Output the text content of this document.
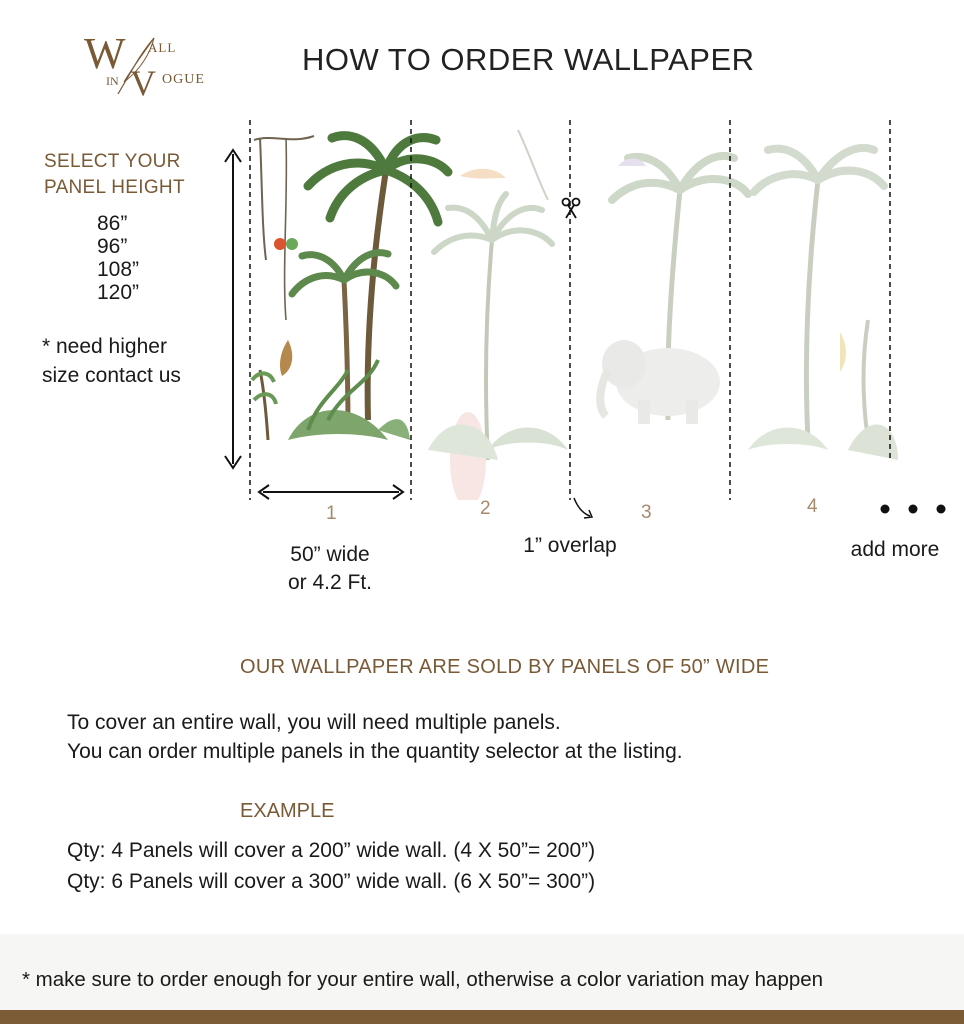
W ALL
IN V OGUE
HOW TO ORDER WALLPAPER
SELECT YOUR
PANEL HEIGHT
86”
96”
108”
120”
* need higher
size contact us
1	2	3	4
50” wide
or 4.2 Ft.
1” overlap	add more
OUR WALLPAPER ARE SOLD BY PANELS OF 50” WIDE
To cover an entire wall, you will need multiple panels.
You can order multiple panels in the quantity selector at the listing.
EXAMPLE
Qty: 4 Panels will cover a 200” wide wall. (4 X 50”= 200”)
Qty: 6 Panels will cover a 300” wide wall. (6 X 50”= 300”)
* make sure to order enough for your entire wall, otherwise a color variation may happen
